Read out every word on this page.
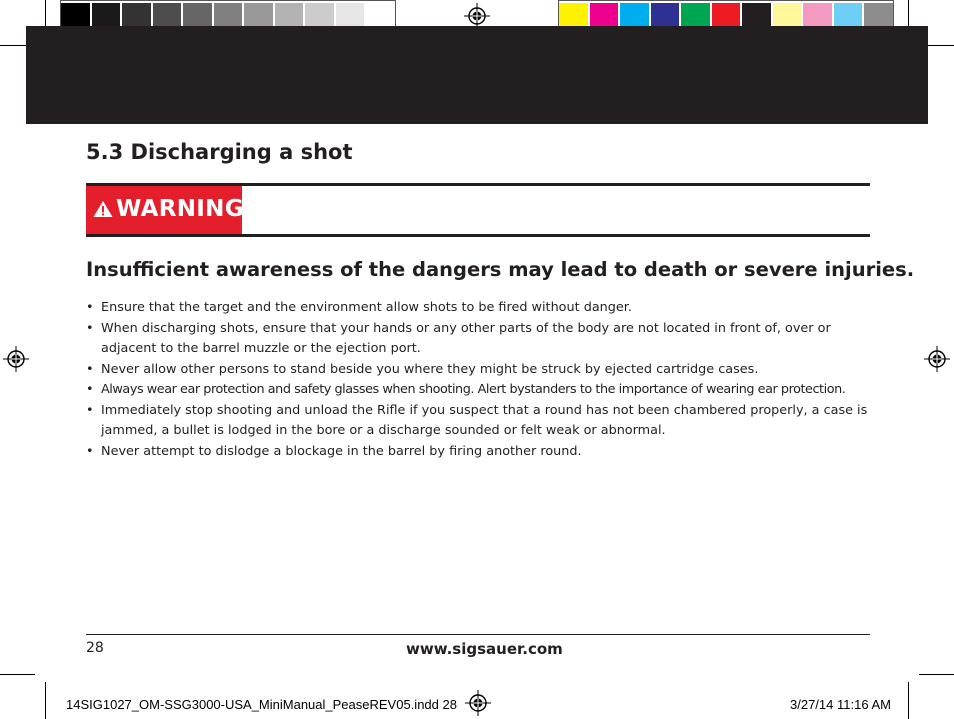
5.3 Discharging a shot
WARNING
Insufficient awareness of the dangers may lead to death or severe injuries.
• Ensure that the target and the environment allow shots to be fired without danger.
• When discharging shots, ensure that your hands or any other parts of the body are not located in front of, over or adjacent to the barrel muzzle or the ejection port.
• Never allow other persons to stand beside you where they might be struck by ejected cartridge cases.
• Always wear ear protection and safety glasses when shooting. Alert bystanders to the importance of wearing ear protection.
• Immediately stop shooting and unload the Rifle if you suspect that a round has not been chambered properly, a case is jammed, a bullet is lodged in the bore or a discharge sounded or felt weak or abnormal.
• Never attempt to dislodge a blockage in the barrel by firing another round.
28	www.sigsauer.com
14SIG1027_OM-SSG3000-USA_MiniManual_PeaseREV05.indd 28	3/27/14 11:16 AM
